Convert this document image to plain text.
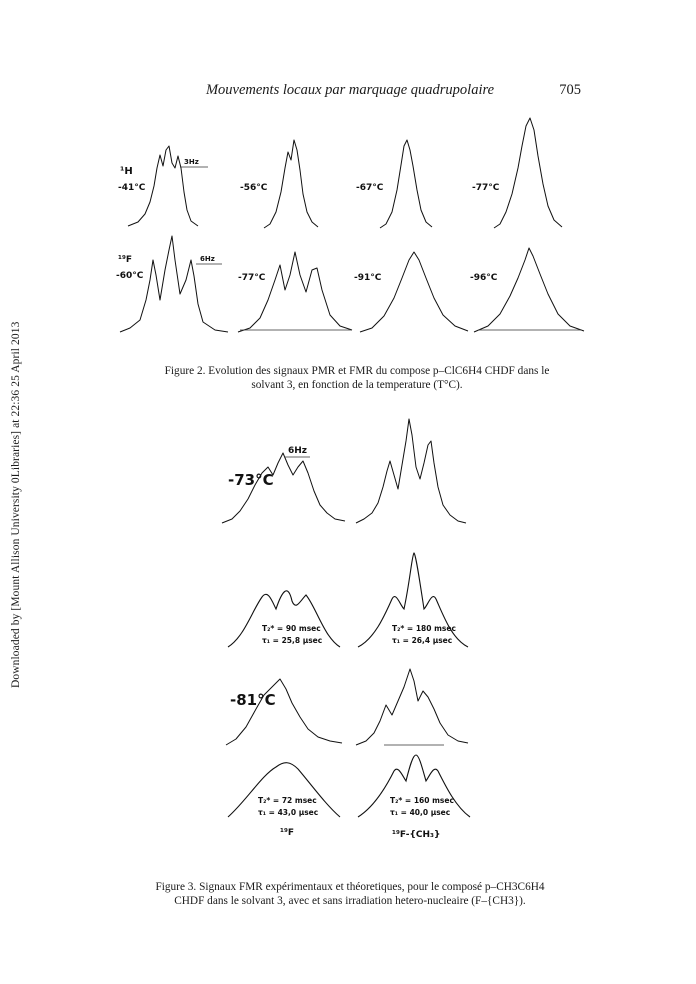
Mouvements locaux par marquage quadrupolaire	705
Downloaded by [Mount Allison University 0Libraries] at 22:36 25 April 2013
¹H
-41°C	-56°C	-67°C	-77°C
3Hz
¹⁹F
-60°C	-77°C	-91°C	-96°C
6Hz
Figure 2. Evolution des signaux PMR et FMR du compose p–ClC6H4 CHDF dans le
solvant 3, en fonction de la temperature (T°C).
6Hz
-73°C
-81°C
T₂* = 90 msec
τ₁ = 25,8 µsec
T₂* = 180 msec
τ₁ = 26,4 µsec
T₂* = 72 msec
τ₁ = 43,0 µsec
T₂* = 160 msec
τ₁ = 40,0 µsec
¹⁹F	¹⁹F-{CH₃}
Figure 3. Signaux FMR expérimentaux et théoretiques, pour le composé p–CH3C6H4
CHDF dans le solvant 3, avec et sans irradiation hetero-nucleaire (F–{CH3}).
